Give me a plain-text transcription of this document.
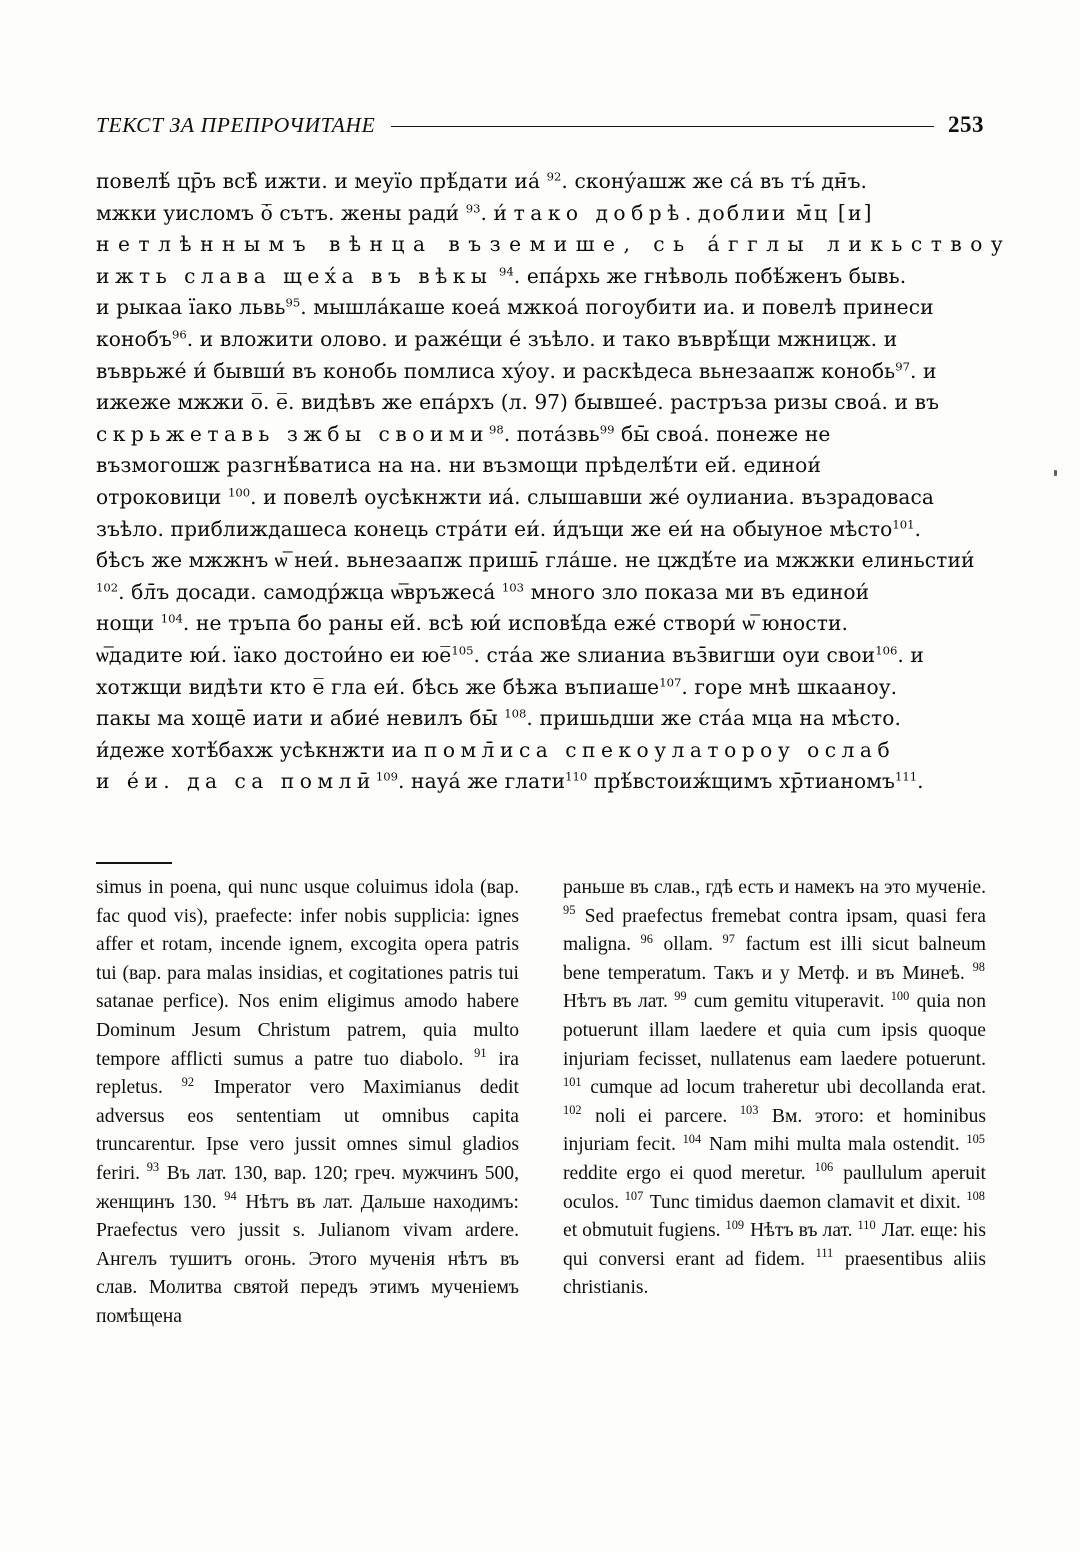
ТЕКСТ ЗА ПРЕПРОЧИТАНЕ	253
повелѣ́ цр̄ъ всѣ̂ ижти. и меуїо прѣ́дати иа́ $^{92}$. скону́ашж же са́ въ тъ́ дн̄ъ.
мжки уисломъ о̅̇ сътъ. жены ради́ $^{93}$. и́ тако добрѣ. доблии м̄ц [и]
нетлѣннымъ вѣнца въземише, сь а́гглы ликьствоу
ижть слава щех́а въ вѣкы $^{94}$. епа́рхь же гнѣволь побѣ́женъ бывь.
и рыкаа їако львь$^{95}$. мышла́каше коеа́ мжкоа́ погоубити иа. и повелѣ принеси
конобъ$^{96}$. и вложити олово. и раже́щи е́ зъѣло. и тако въврѣ́щи мжницж. и
въврьже́ и́ бывши́ въ конобь помлиса ху́оу. и раскѣдеса вьнезаапж конобь$^{97}$. и
ижеже мжжи о̅. е̅. видѣвъ же епа́рхъ (л. 97) бывшее́. растръза ризы своа́. и въ
скрьжетавь зжбы своими$^{98}$. пота́звь$^{99}$ бы̄ своа́. понеже не
възмогошж разгнѣ́ватиса на на. ни възмощи прѣделѣ́ти ей́. единои́
отроковици $^{100}$. и повелѣ оусѣкнжти иа́. слышавши же́ оулианиа. възрадоваса
зъѣло. приближдашеса конець стра́ти еи́. и́дъщи же еи́ на обыуное мѣсто$^{101}$.
бѣсъ же мжжнъ ѡ̅ неи́. вьнезаапж пришь̄ гла́ше. не цждѣ́те иа мжжки елиньстии́
$^{102}$. бл̄ъ досади. самодр́жца ѡ̅връжеса́ $^{103}$ много зло показа ми въ единои́
нощи $^{104}$. не тръпа бо раны ей́. всѣ юи́ исповѣ́да еже́ створи́ ѡ̅ юности.
ѡ̅дадите юи́. їако достои́но еи юе̅$^{105}$. ста́а же ѕлианиа въз̄вигши оуи свои$^{106}$. и
хотжщи видѣти кто е̅ гла еи́. бѣсь же бѣжа въпиаше$^{107}$. горе мнѣ шкааноу.
пакы ма хоще̄ иати и абие́ невилъ бы̄ $^{108}$. пришьдши же ста́а мца на мѣсто.
и́деже хотѣ́бахж усѣкнжти иа помл̄иса спекоулатороу ослаб
и е́и. да са помлӣ$^{109}$. науа́ же глати$^{110}$ прѣ́встоиж́щимъ хр̄тианомъ$^{111}$.

simus in poena, qui nunc usque coluimus idola (вар. fac quod vis), praefecte: infer nobis supplicia: ignes affer et rotam, incende ignem, excogita opera patris tui (вар. para malas insidias, et cogitationes patris tui satanae perfice). Nos enim eligimus amodo habere Dominum Jesum Christum patrem, quia multo tempore afflicti sumus a patre tuo diabolo. $^{91}$ ira repletus. $^{92}$ Imperator vero Maximianus dedit adversus eos sententiam ut omnibus capita truncarentur. Ipse vero jussit omnes simul gladios feriri. $^{93}$ Въ лат. 130, вар. 120; греч. мужчинъ 500, женщинъ 130. $^{94}$ Нѣтъ въ лат. Дальше находимъ: Praefectus vero jussit s. Julianom vivam ardere. Ангелъ тушитъ огонь. Этого мученія нѣтъ въ слав. Молитва святой передъ этимъ мученіемъ помѣщена

раньше въ слав., гдѣ есть и намекъ на это мученіе. $^{95}$ Sed praefectus fremebat contra ipsam, quasi fera maligna. $^{96}$ ollam. $^{97}$ factum est illi sicut balneum bene temperatum. Такъ и у Метф. и въ Минеѣ. $^{98}$ Нѣтъ въ лат. $^{99}$ cum gemitu vituperavit. $^{100}$ quia non potuerunt illam laedere et quia cum ipsis quoque injuriam fecisset, nullatenus eam laedere potuerunt. $^{101}$ cumque ad locum traheretur ubi decollanda erat. $^{102}$ noli ei parcere. $^{103}$ Вм. этого: et hominibus injuriam fecit. $^{104}$ Nam mihi multa mala ostendit. $^{105}$ reddite ergo ei quod meretur. $^{106}$ paullulum aperuit oculos. $^{107}$ Tunc timidus daemon clamavit et dixit. $^{108}$ et obmutuit fugiens. $^{109}$ Нѣтъ въ лат. $^{110}$ Лат. еще: his qui conversi erant ad fidem. $^{111}$ praesentibus aliis christianis.
